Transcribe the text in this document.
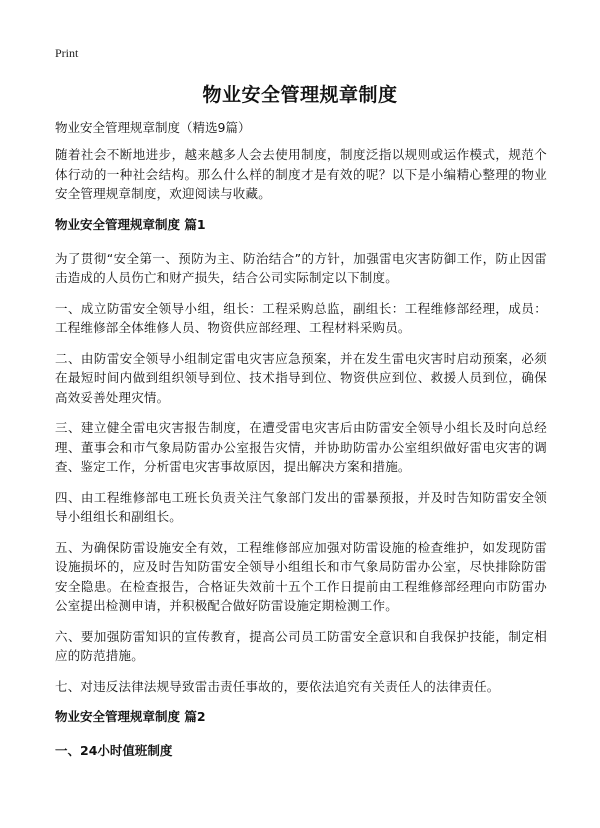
Print
物业安全管理规章制度

物业安全管理规章制度（精选9篇）

随着社会不断地进步，越来越多人会去使用制度，制度泛指以规则或运作模式，规范个体行动的一种社会结构。那么什么样的制度才是有效的呢？以下是小编精心整理的物业安全管理规章制度，欢迎阅读与收藏。

物业安全管理规章制度 篇1

为了贯彻“安全第一、预防为主、防治结合”的方针，加强雷电灾害防御工作，防止因雷击造成的人员伤亡和财产损失，结合公司实际制定以下制度。

一、成立防雷安全领导小组，组长：工程采购总监，副组长：工程维修部经理，成员：工程维修部全体维修人员、物资供应部经理、工程材料采购员。

二、由防雷安全领导小组制定雷电灾害应急预案，并在发生雷电灾害时启动预案，必须在最短时间内做到组织领导到位、技术指导到位、物资供应到位、救援人员到位，确保高效妥善处理灾情。

三、建立健全雷电灾害报告制度，在遭受雷电灾害后由防雷安全领导小组长及时向总经理、董事会和市气象局防雷办公室报告灾情，并协助防雷办公室组织做好雷电灾害的调查、鉴定工作，分析雷电灾害事故原因，提出解决方案和措施。

四、由工程维修部电工班长负责关注气象部门发出的雷暴预报，并及时告知防雷安全领导小组组长和副组长。

五、为确保防雷设施安全有效，工程维修部应加强对防雷设施的检查维护，如发现防雷设施损坏的，应及时告知防雷安全领导小组组长和市气象局防雷办公室，尽快排除防雷安全隐患。在检查报告，合格证失效前十五个工作日提前由工程维修部经理向市防雷办公室提出检测申请，并积极配合做好防雷设施定期检测工作。

六、要加强防雷知识的宣传教育，提高公司员工防雷安全意识和自我保护技能，制定相应的防范措施。

七、对违反法律法规导致雷击责任事故的，要依法追究有关责任人的法律责任。

物业安全管理规章制度 篇2

一、24小时值班制度
